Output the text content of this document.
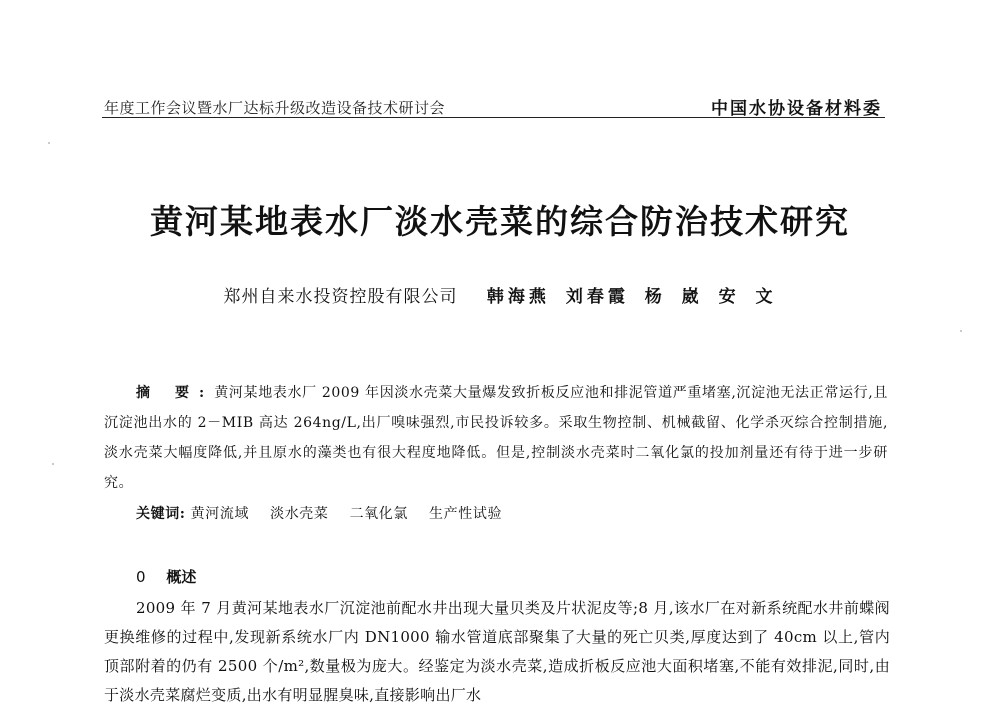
年度工作会议暨水厂达标升级改造设备技术研讨会	中国水协设备材料委
黄河某地表水厂淡水壳菜的综合防治技术研究
郑州自来水投资控股有限公司 韩海燕 刘春霞 杨 崴 安 文
摘 要:黄河某地表水厂 2009 年因淡水壳菜大量爆发致折板反应池和排泥管道严重堵塞,沉淀池无法正常运行,且沉淀池出水的 2－MIB 高达 264ng/L,出厂嗅味强烈,市民投诉较多。采取生物控制、机械截留、化学杀灭综合控制措施,淡水壳菜大幅度降低,并且原水的藻类也有很大程度地降低。但是,控制淡水壳菜时二氧化氯的投加剂量还有待于进一步研究。
关键词: 黄河流域 淡水壳菜 二氧化氯 生产性试验
0 概述
2009 年 7 月黄河某地表水厂沉淀池前配水井出现大量贝类及片状泥皮等;8 月,该水厂在对新系统配水井前蝶阀更换维修的过程中,发现新系统水厂内 DN1000 输水管道底部聚集了大量的死亡贝类,厚度达到了 40cm 以上,管内顶部附着的仍有 2500 个/m²,数量极为庞大。经鉴定为淡水壳菜,造成折板反应池大面积堵塞,不能有效排泥,同时,由于淡水壳菜腐烂变质,出水有明显腥臭味,直接影响出厂水
